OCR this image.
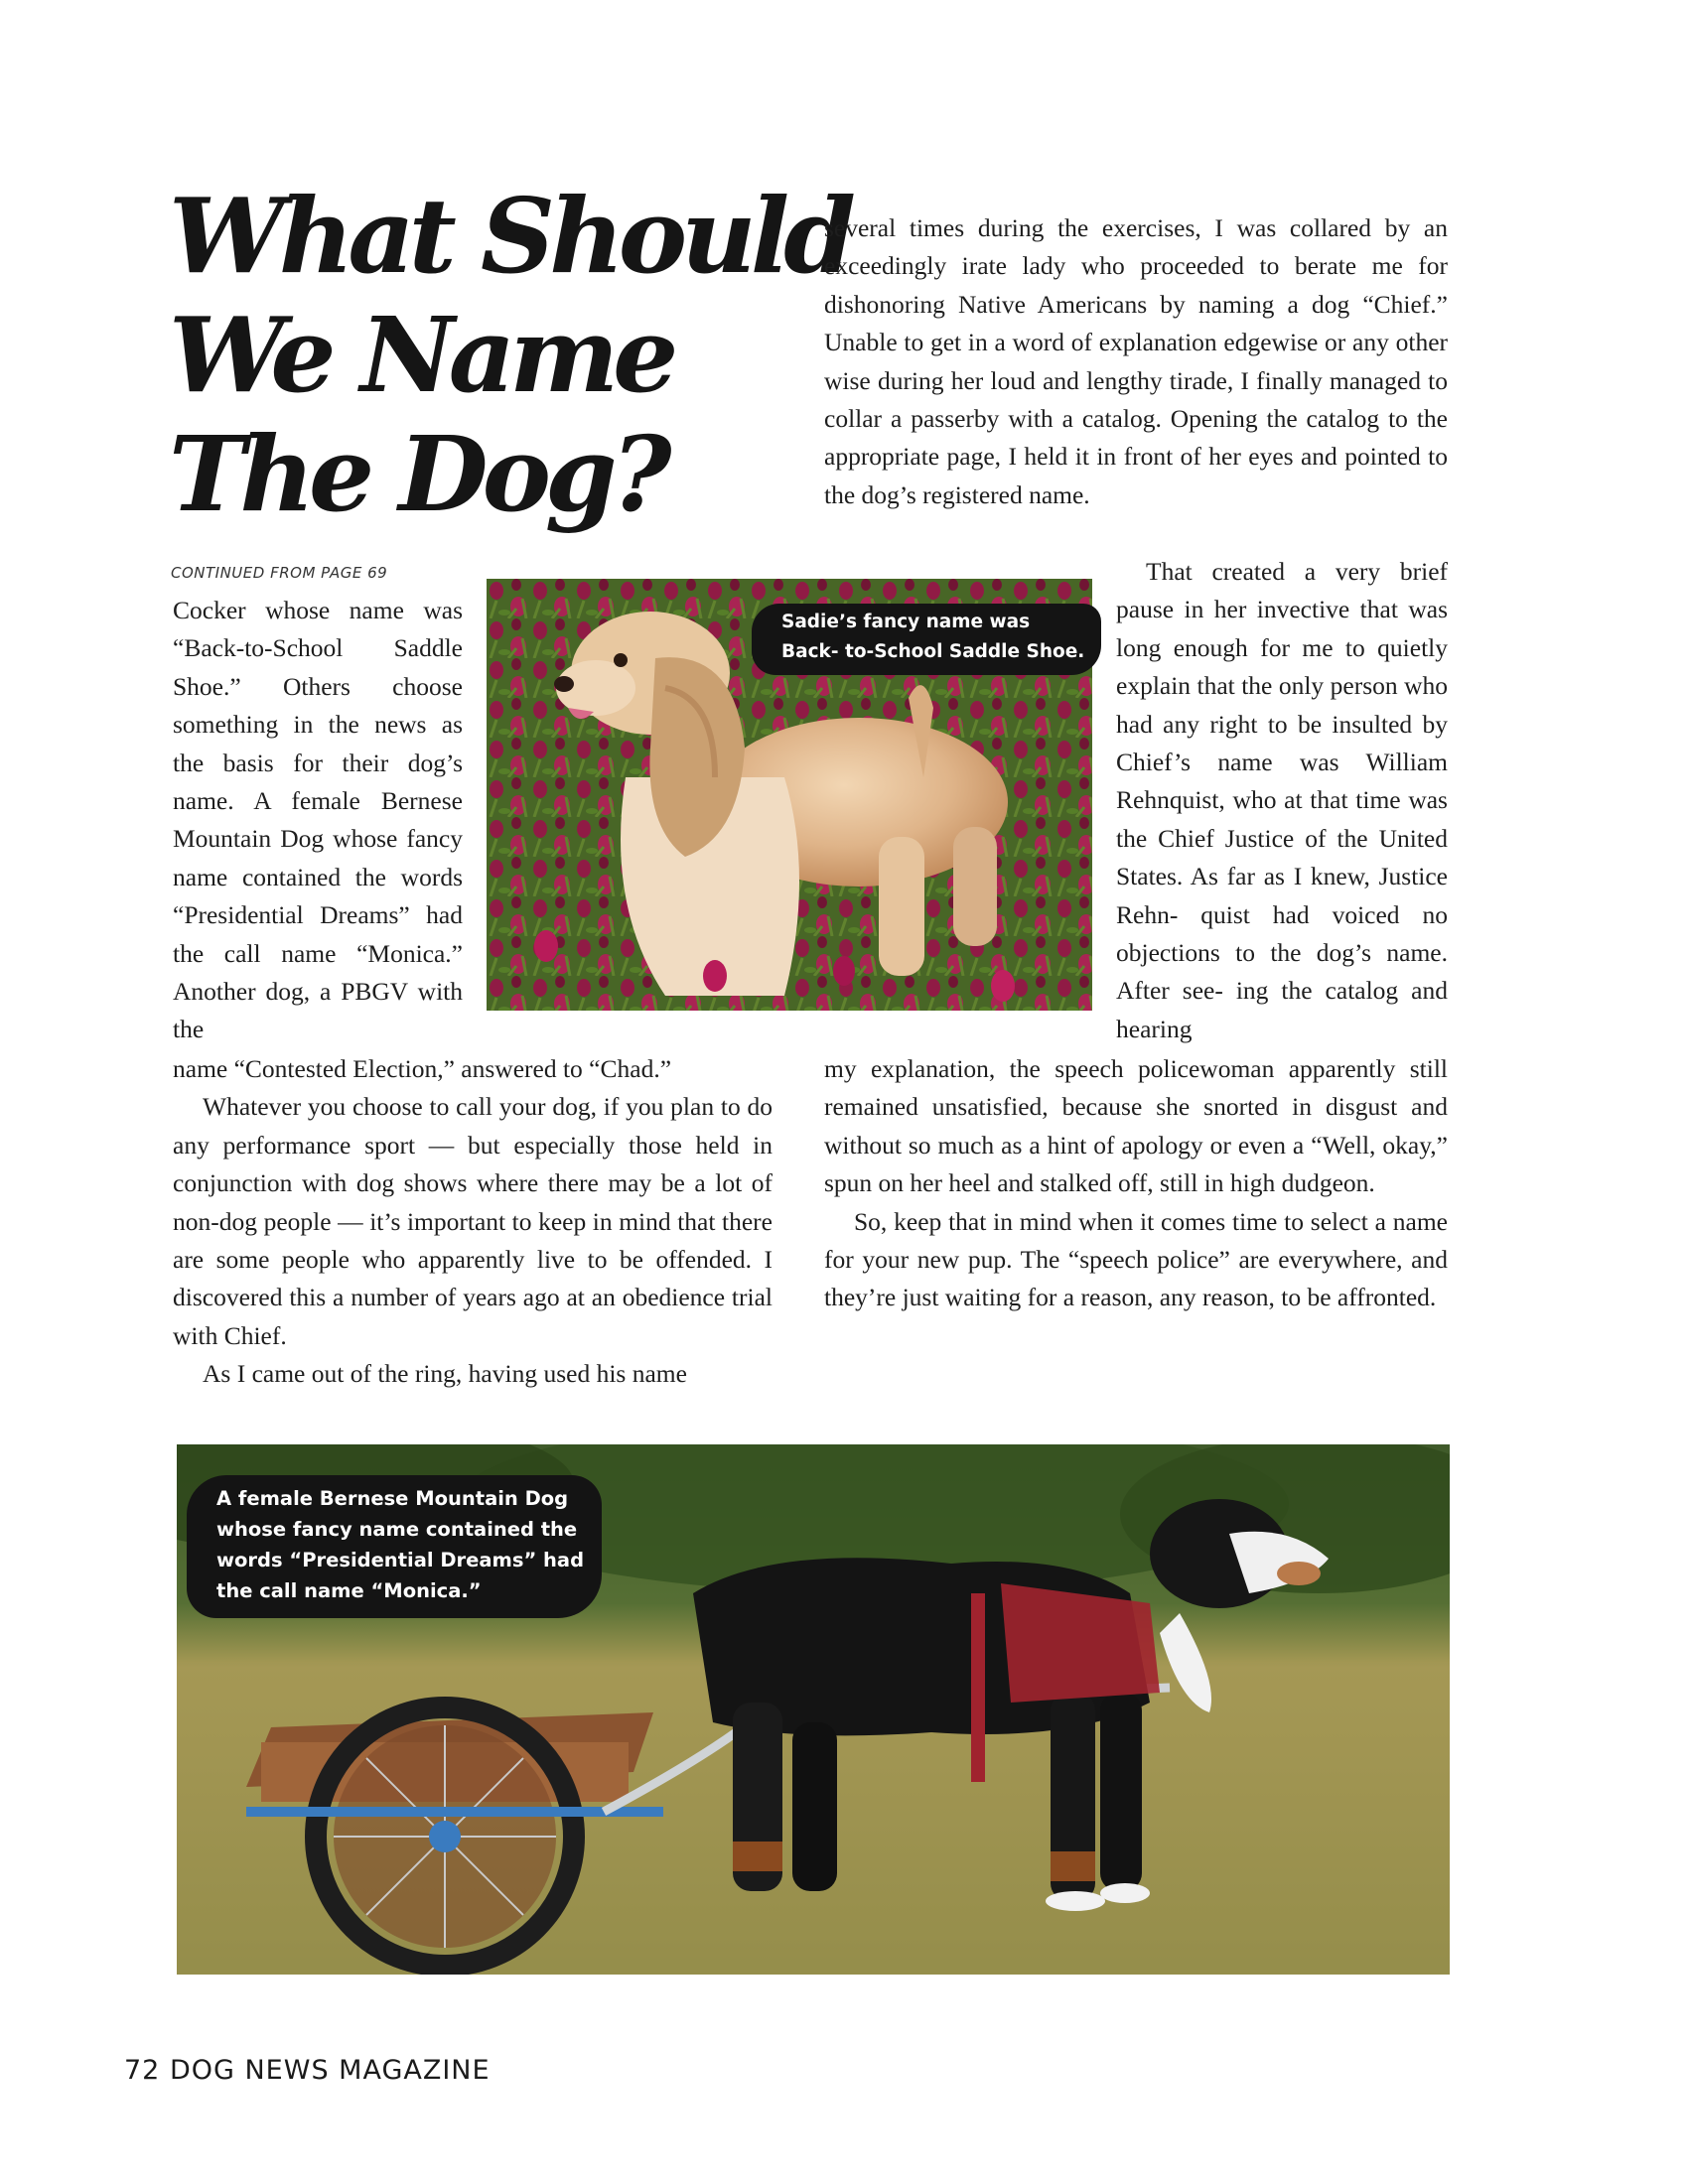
What Should
We Name
The Dog?
CONTINUED FROM PAGE 69

several times during the exercises, I was collared by an exceedingly irate lady who proceeded to berate me for dishonoring Native Americans by naming a dog “Chief.” Unable to get in a word of explanation edgewise or any other wise during her loud and lengthy tirade, I finally managed to collar a passerby with a catalog. Opening the catalog to the appropriate page, I held it in front of her eyes and pointed to the dog’s registered name.

Cocker whose name was “Back-to-School Saddle Shoe.” Others choose something in the news as the basis for their dog’s name. A female Bernese Mountain Dog whose fancy name contained the words “Presidential Dreams” had the call name “Monica.” Another dog, a PBGV with the

Sadie’s fancy name was Back- to-School Saddle Shoe.

That created a very brief pause in her invective that was long enough for me to quietly explain that the only person who had any right to be insulted by Chief’s name was William Rehnquist, who at that time was the Chief Justice of the United States. As far as I knew, Justice Rehn- quist had voiced no objections to the dog’s name. After see- ing the catalog and hearing

name “Contested Election,” answered to “Chad.”

Whatever you choose to call your dog, if you plan to do any performance sport — but especially those held in conjunction with dog shows where there may be a lot of non-dog people — it’s important to keep in mind that there are some people who apparently live to be offended. I discovered this a number of years ago at an obedience trial with Chief.

As I came out of the ring, having used his name

my explanation, the speech policewoman apparently still remained unsatisfied, because she snorted in disgust and without so much as a hint of apology or even a “Well, okay,” spun on her heel and stalked off, still in high dudgeon.

So, keep that in mind when it comes time to select a name for your new pup. The “speech police” are everywhere, and they’re just waiting for a reason, any reason, to be affronted.

A female Bernese Mountain Dog whose fancy name contained the words “Presidential Dreams” had the call name “Monica.”
72 DOG NEWS MAGAZINE
